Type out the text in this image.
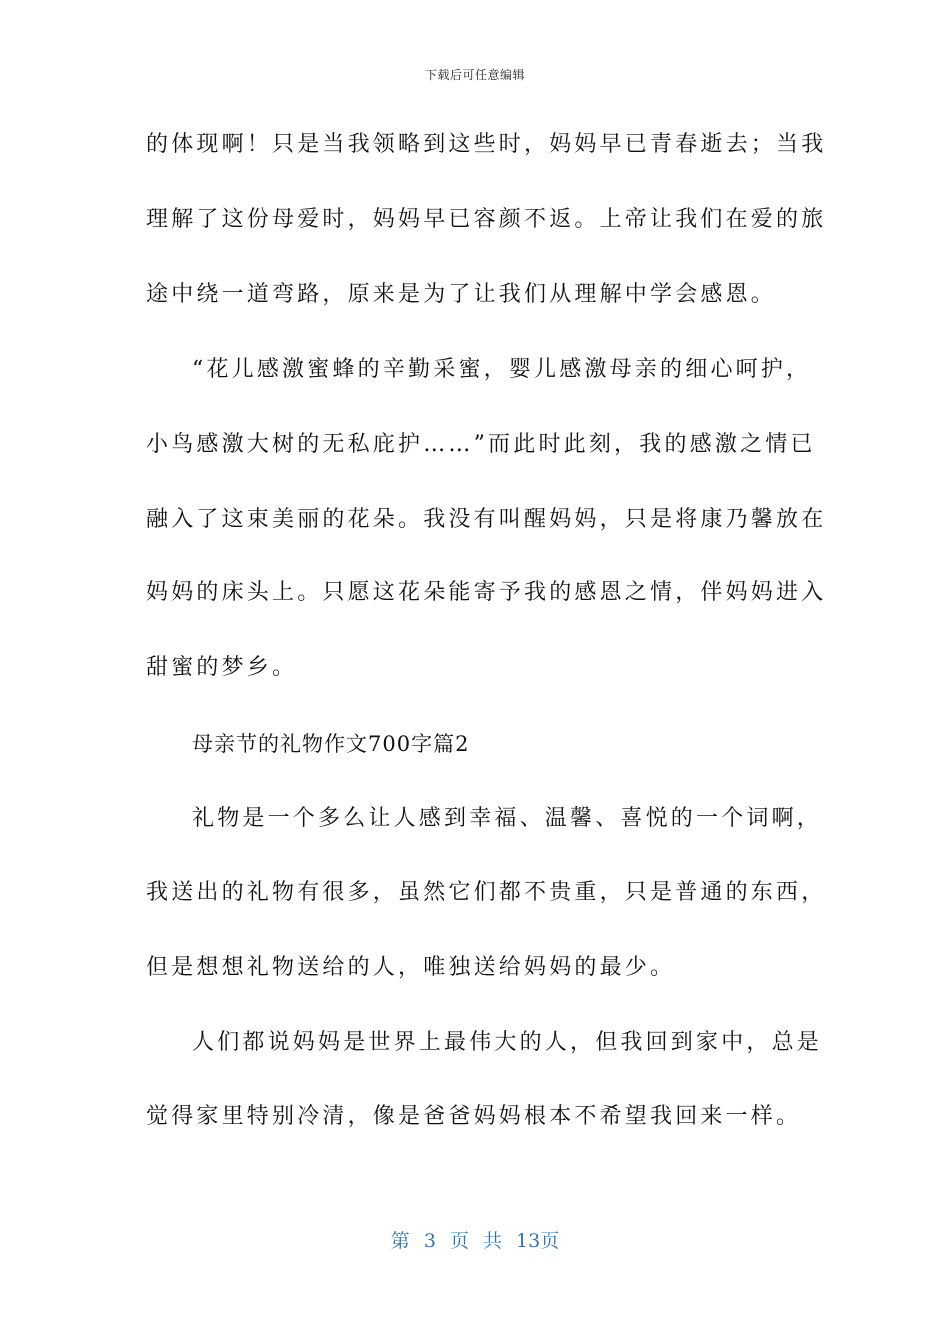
下载后可任意编辑
的体现啊！只是当我领略到这些时，妈妈早已青春逝去；当我
理解了这份母爱时，妈妈早已容颜不返。上帝让我们在爱的旅
途中绕一道弯路，原来是为了让我们从理解中学会感恩。
“花儿感激蜜蜂的辛勤采蜜，婴儿感激母亲的细心呵护，
小鸟感激大树的无私庇护……”而此时此刻，我的感激之情已
融入了这束美丽的花朵。我没有叫醒妈妈，只是将康乃馨放在
妈妈的床头上。只愿这花朵能寄予我的感恩之情，伴妈妈进入
甜蜜的梦乡。
母亲节的礼物作文700字篇2
礼物是一个多么让人感到幸福、温馨、喜悦的一个词啊，
我送出的礼物有很多，虽然它们都不贵重，只是普通的东西，
但是想想礼物送给的人，唯独送给妈妈的最少。
人们都说妈妈是世界上最伟大的人，但我回到家中，总是
觉得家里特别冷清，像是爸爸妈妈根本不希望我回来一样。
第 3 页 共 13页
